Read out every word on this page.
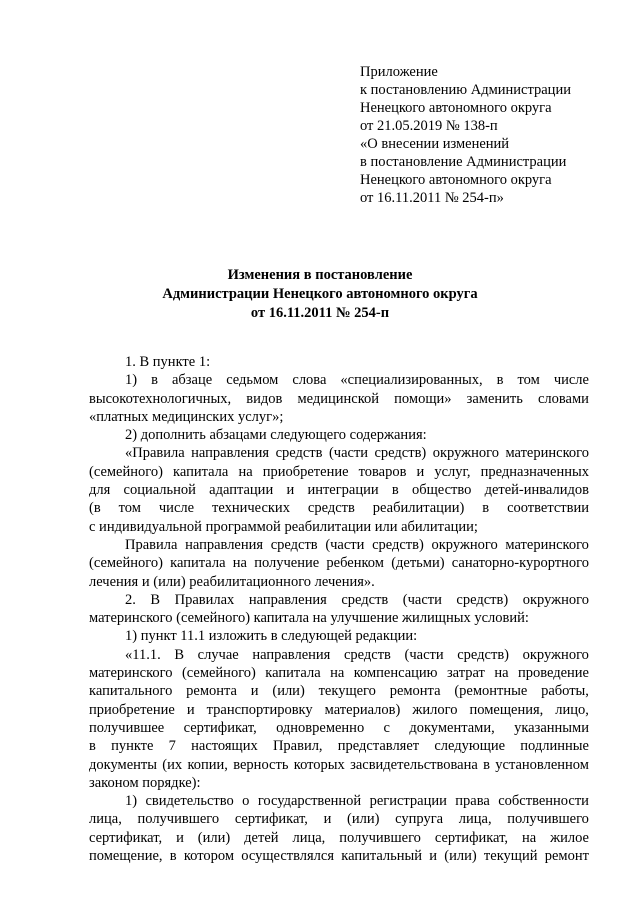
Приложение
к постановлению Администрации
Ненецкого автономного округа
от 21.05.2019 № 138-п
«О внесении изменений
в постановление Администрации
Ненецкого автономного округа
от 16.11.2011 № 254-п»
Изменения в постановление
Администрации Ненецкого автономного округа
от 16.11.2011 № 254-п
1. В пункте 1:
1) в абзаце седьмом слова «специализированных, в том числе
высокотехнологичных, видов медицинской помощи» заменить словами
«платных медицинских услуг»;
2) дополнить абзацами следующего содержания:
«Правила направления средств (части средств) окружного материнского
(семейного) капитала на приобретение товаров и услуг, предназначенных
для социальной адаптации и интеграции в общество детей-инвалидов
(в том числе технических средств реабилитации) в соответствии
с индивидуальной программой реабилитации или абилитации;
Правила направления средств (части средств) окружного материнского
(семейного) капитала на получение ребенком (детьми) санаторно-курортного
лечения и (или) реабилитационного лечения».
2. В Правилах направления средств (части средств) окружного
материнского (семейного) капитала на улучшение жилищных условий:
1) пункт 11.1 изложить в следующей редакции:
«11.1. В случае направления средств (части средств) окружного
материнского (семейного) капитала на компенсацию затрат на проведение
капитального ремонта и (или) текущего ремонта (ремонтные работы,
приобретение и транспортировку материалов) жилого помещения, лицо,
получившее сертификат, одновременно с документами, указанными
в пункте 7 настоящих Правил, представляет следующие подлинные
документы (их копии, верность которых засвидетельствована в установленном
законом порядке):
1) свидетельство о государственной регистрации права собственности
лица, получившего сертификат, и (или) супруга лица, получившего
сертификат, и (или) детей лица, получившего сертификат, на жилое
помещение, в котором осуществлялся капитальный и (или) текущий ремонт
